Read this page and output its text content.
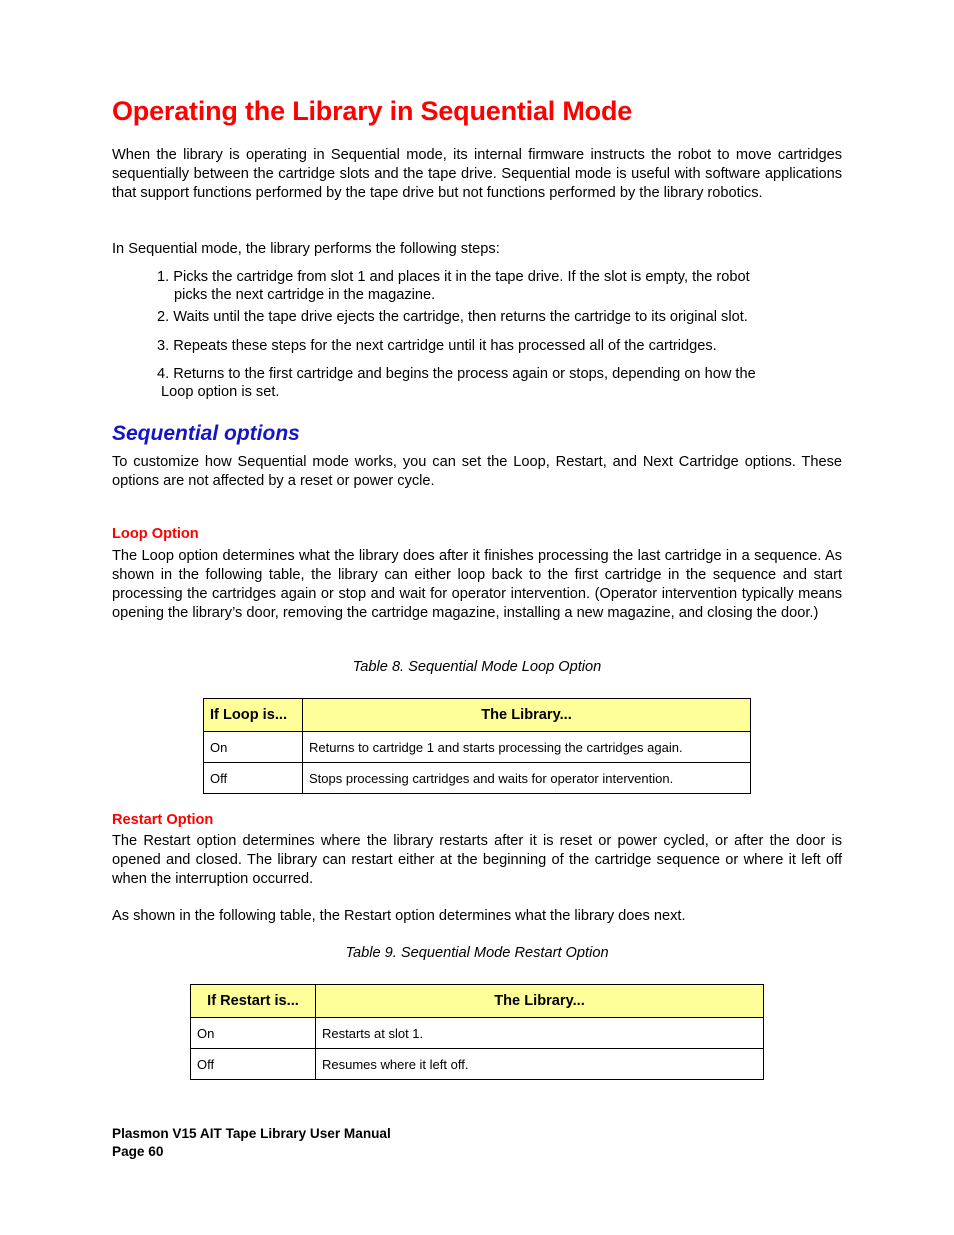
Operating the Library in Sequential Mode

When the library is operating in Sequential mode, its internal firmware instructs the robot to move cartridges sequentially between the cartridge slots and the tape drive. Sequential mode is useful with software applications that support functions performed by the tape drive but not functions performed by the library robotics.

In Sequential mode, the library performs the following steps:

1. Picks the cartridge from slot 1 and places it in the tape drive. If the slot is empty, the robot
picks the next cartridge in the magazine.
2. Waits until the tape drive ejects the cartridge, then returns the cartridge to its original slot.
3. Repeats these steps for the next cartridge until it has processed all of the cartridges.
4. Returns to the first cartridge and begins the process again or stops, depending on how the
Loop option is set.
Sequential options

To customize how Sequential mode works, you can set the Loop, Restart, and Next Cartridge options. These options are not affected by a reset or power cycle.

Loop Option

The Loop option determines what the library does after it finishes processing the last cartridge in a sequence. As shown in the following table, the library can either loop back to the first cartridge in the sequence and start processing the cartridges again or stop and wait for operator intervention. (Operator intervention typically means opening the library’s door, removing the cartridge magazine, installing a new magazine, and closing the door.)

Table 8. Sequential Mode Loop Option

If Loop is...	The Library...
On	Returns to cartridge 1 and starts processing the cartridges again.
Off	Stops processing cartridges and waits for operator intervention.
Restart Option

The Restart option determines where the library restarts after it is reset or power cycled, or after the door is opened and closed. The library can restart either at the beginning of the cartridge sequence or where it left off when the interruption occurred.

As shown in the following table, the Restart option determines what the library does next.

Table 9. Sequential Mode Restart Option

If Restart is...	The Library...
On	Restarts at slot 1.
Off	Resumes where it left off.
Plasmon V15 AIT Tape Library User Manual
Page 60
